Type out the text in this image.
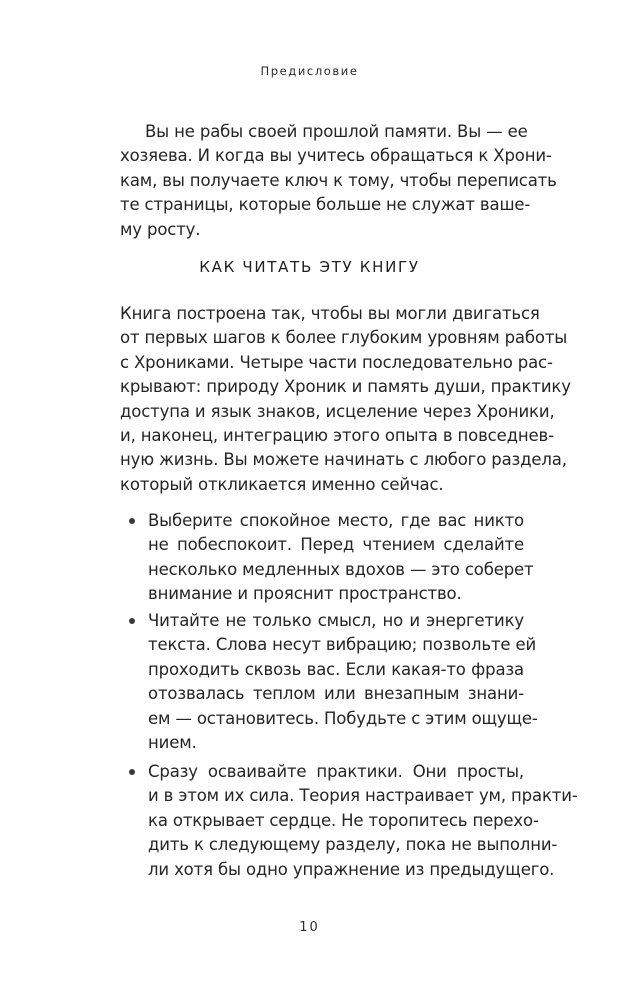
Предисловие
Вы не рабы своей прошлой памяти. Вы — ее
хозяева. И когда вы учитесь обращаться к Хрони-
кам, вы получаете ключ к тому, чтобы переписать
те страницы, которые больше не служат ваше-
му росту.
КАК ЧИТАТЬ ЭТУ КНИГУ
Книга построена так, чтобы вы могли двигаться
от первых шагов к более глубоким уровням работы
с Хрониками. Четыре части последовательно рас-
крывают: природу Хроник и память души, практику
доступа и язык знаков, исцеление через Хроники,
и, наконец, интеграцию этого опыта в повседнев-
ную жизнь. Вы можете начинать с любого раздела,
который откликается именно сейчас.
Выберите спокойное место, где вас никто
не побеспокоит. Перед чтением сделайте
несколько медленных вдохов — это соберет
внимание и прояснит пространство.
Читайте не только смысл, но и энергетику
текста. Слова несут вибрацию; позвольте ей
проходить сквозь вас. Если какая-то фраза
отозвалась теплом или внезапным знани-
ем — остановитесь. Побудьте с этим ощуще-
нием.
Сразу осваивайте практики. Они просты,
и в этом их сила. Теория настраивает ум, практи-
ка открывает сердце. Не торопитесь перехо-
дить к следующему разделу, пока не выполни-
ли хотя бы одно упражнение из предыдущего.
10
